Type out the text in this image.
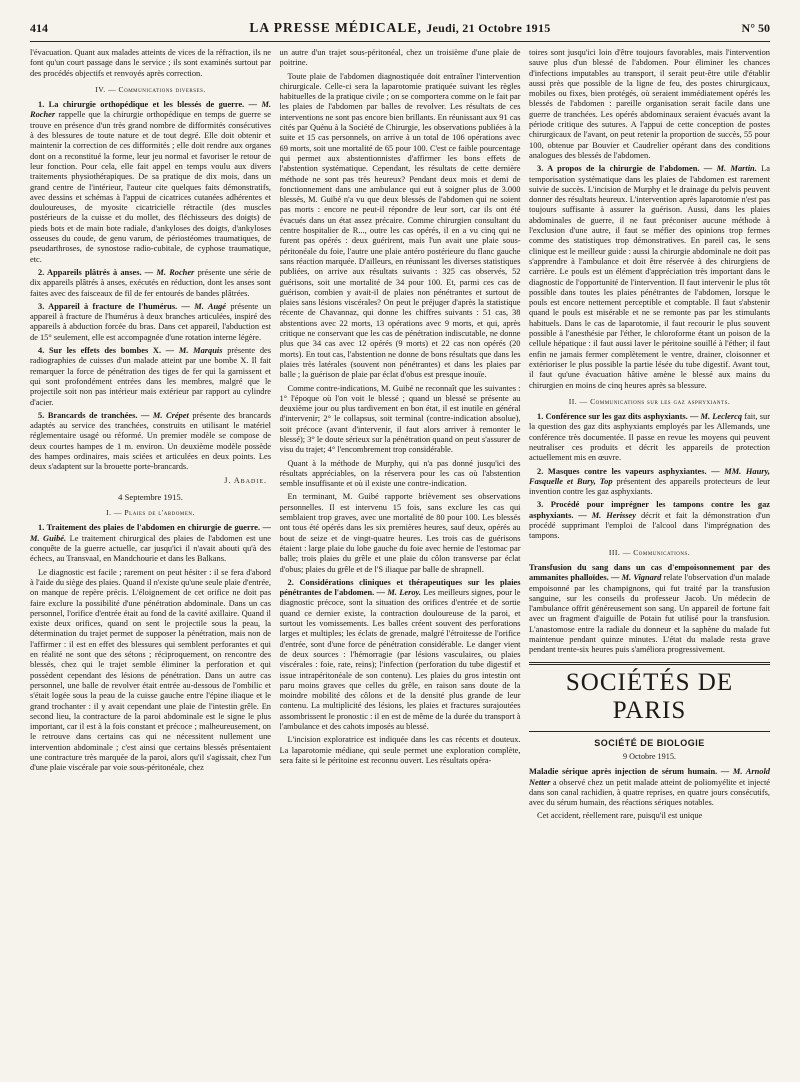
414	LA PRESSE MÉDICALE, Jeudi, 21 Octobre 1915	N° 50

l'évacuation. Quant aux malades atteints de vices de la réfraction, ils ne font qu'un court passage dans le service ; ils sont examinés surtout par des procédés objectifs et renvoyés après correction.

IV. — Communications diverses.

1. La chirurgie orthopédique et les blessés de guerre. — M. Rocher rappelle que la chirurgie orthopédique en temps de guerre se trouve en présence d'un très grand nombre de difformités consécutives à des blessures de toute nature et de tout degré. Elle doit obtenir et maintenir la correction de ces difformités ; elle doit rendre aux organes dont on a reconstitué la forme, leur jeu normal et favoriser le retour de leur fonction. Pour cela, elle fait appel en temps voulu aux divers traitements physiothérapiques. De sa pratique de dix mois, dans un grand centre de l'intérieur, l'auteur cite quelques faits démonstratifs, avec dessins et schémas à l'appui de cicatrices cutanées adhérentes et douloureuses, de myosite cicatricielle rétractile (des muscles postérieurs de la cuisse et du mollet, des fléchisseurs des doigts) de pieds bots et de main bote radiale, d'ankyloses des doigts, d'ankyloses osseuses du coude, de genu varum, de périostéomes traumatiques, de pseudarthroses, de synostose radio-cubitale, de cyphose traumatique, etc.

2. Appareils plâtrés à anses. — M. Rocher présente une série de dix appareils plâtrés à anses, exécutés en réduction, dont les anses sont faites avec des faisceaux de fil de fer entourés de bandes plâtrées.

3. Appareil à fracture de l'humérus. — M. Augé présente un appareil à fracture de l'humérus à deux branches articulées, inspiré des appareils à abduction forcée du bras. Dans cet appareil, l'abduction est de 15° seulement, elle est accompagnée d'une rotation interne légère.

4. Sur les effets des bombes X. — M. Marquis présente des radiographies de cuisses d'un malade atteint par une bombe X. Il fait remarquer la force de pénétration des tiges de fer qui la garnissent et qui sont profondément entrées dans les membres, malgré que le projectile soit non pas intérieur mais extérieur par rapport au cylindre d'acier.

5. Brancards de tranchées. — M. Crépet présente des brancards adaptés au service des tranchées, construits en utilisant le matériel réglementaire usagé ou réformé. Un premier modèle se compose de deux courtes hampes de 1 m. environ. Un deuxième modèle possède des hampes ordinaires, mais sciées et articulées en deux points. Les deux s'adaptent sur la brouette porte-brancards.

J. Abadie.
4 Septembre 1915.
I. — Plaies de l'abdomen.

1. Traitement des plaies de l'abdomen en chirurgie de guerre. — M. Guibé. Le traitement chirurgical des plaies de l'abdomen est une conquête de la guerre actuelle, car jusqu'ici il n'avait abouti qu'à des échecs, au Transvaal, en Mandchourie et dans les Balkans.

Le diagnostic est facile ; rarement on peut hésiter : il se fera d'abord à l'aide du siège des plaies. Quand il n'existe qu'une seule plaie d'entrée, on manque de repère précis. L'éloignement de cet orifice ne doit pas faire exclure la possibilité d'une pénétration abdominale. Dans un cas personnel, l'orifice d'entrée était au fond de la cavité axillaire. Quand il existe deux orifices, quand on sent le projectile sous la peau, la détermination du trajet permet de supposer la pénétration, mais non de l'affirmer : il est en effet des blessures qui semblent perforantes et qui en réalité ne sont que des sétons ; réciproquement, on rencontre des blessés, chez qui le trajet semble éliminer la perforation et qui possèdent cependant des lésions de pénétration. Dans un autre cas personnel, une balle de revolver était entrée au-dessous de l'ombilic et s'était logée sous la peau de la cuisse gauche entre l'épine iliaque et le grand trochanter : il y avait cependant une plaie de l'intestin grêle. En second lieu, la contracture de la paroi abdominale est le signe le plus important, car il est à la fois constant et précoce ; malheureusement, on le retrouve dans certains cas qui ne nécessitent nullement une intervention abdominale ; c'est ainsi que certains blessés présentaient une contracture très marquée de la paroi, alors qu'il s'agissait, chez l'un d'une plaie viscérale par voie sous-péritonéale, chez

un autre d'un trajet sous-péritonéal, chez un troisième d'une plaie de poitrine.

Toute plaie de l'abdomen diagnostiquée doit entraîner l'intervention chirurgicale. Celle-ci sera la laparotomie pratiquée suivant les règles habituelles de la pratique civile ; on se comportera comme on le fait par les plaies de l'abdomen par balles de revolver. Les résultats de ces interventions ne sont pas encore bien brillants. En réunissant aux 91 cas cités par Quénu à la Société de Chirurgie, les observations publiées à la suite et 15 cas personnels, on arrive à un total de 106 opérations avec 69 morts, soit une mortalité de 65 pour 100. C'est ce faible pourcentage qui permet aux abstentionnistes d'affirmer les bons effets de l'abstention systématique. Cependant, les résultats de cette dernière méthode ne sont pas très heureux? Pendant deux mois et demi de fonctionnement dans une ambulance qui eut à soigner plus de 3.000 blessés, M. Guibé n'a vu que deux blessés de l'abdomen qui ne soient pas morts : encore ne peut-il répondre de leur sort, car ils ont été évacués dans un état assez précaire. Comme chirurgien consultant du centre hospitalier de R..., outre les cas opérés, il en a vu cinq qui ne furent pas opérés : deux guérirent, mais l'un avait une plaie sous-péritonéale du foie, l'autre une plaie antéro postérieure du flanc gauche sans réaction marquée. D'ailleurs, en réunissant les diverses statistiques publiées, on arrive aux résultats suivants : 325 cas observés, 52 guérisons, soit une mortalité de 34 pour 100. Et, parmi ces cas de guérison, combien y avait-il de plaies non pénétrantes et surtout de plaies sans lésions viscérales? On peut le préjuger d'après la statistique récente de Chavannaz, qui donne les chiffres suivants : 51 cas, 38 abstentions avec 22 morts, 13 opérations avec 9 morts, et qui, après critique ne conservant que les cas de pénétration indiscutable, ne donne plus que 34 cas avec 12 opérés (9 morts) et 22 cas non opérés (20 morts). En tout cas, l'abstention ne donne de bons résultats que dans les plaies très latérales (souvent non pénétrantes) et dans les plaies par balle ; la guérison de plaie par éclat d'obus est presque inouïe.

Comme contre-indications, M. Guibé ne reconnaît que les suivantes : 1° l'époque où l'on voit le blessé ; quand un blessé se présente au deuxième jour ou plus tardivement en bon état, il est inutile en général d'intervenir; 2° le collapsus, soit terminal (contre-indication absolue), soit précoce (avant d'intervenir, il faut alors arriver à remonter le blessé); 3° le doute sérieux sur la pénétration quand on peut s'assurer de visu du trajet; 4° l'encombrement trop considérable.

Quant à la méthode de Murphy, qui n'a pas donné jusqu'ici des résultats appréciables, on la réservera pour les cas où l'abstention semble insuffisante et où il existe une contre-indication.

En terminant, M. Guibé rapporte brièvement ses observations personnelles. Il est intervenu 15 fois, sans exclure les cas qui semblaient trop graves, avec une mortalité de 80 pour 100. Les blessés ont tous été opérés dans les six premières heures, sauf deux, opérés au bout de seize et de vingt-quatre heures. Les trois cas de guérisons étaient : large plaie du lobe gauche du foie avec hernie de l'estomac par balle; trois plaies du grêle et une plaie du côlon transverse par éclat d'obus; plaies du grêle et de l'S iliaque par balle de shrapnell.

2. Considérations cliniques et thérapeutiques sur les plaies pénétrantes de l'abdomen. — M. Leroy. Les meilleurs signes, pour le diagnostic précoce, sont la situation des orifices d'entrée et de sortie quand ce dernier existe, la contraction douloureuse de la paroi, et surtout les vomissements. Les balles créent souvent des perforations larges et multiples; les éclats de grenade, malgré l'étroitesse de l'orifice d'entrée, sont d'une force de pénétration considérable. Le danger vient de deux sources : l'hémorragie (par lésions vasculaires, ou plaies viscérales : foie, rate, reins); l'infection (perforation du tube digestif et issue intrapéritonéale de son contenu). Les plaies du gros intestin ont paru moins graves que celles du grêle, en raison sans doute de la moindre mobilité des côlons et de la densité plus grande de leur contenu. La multiplicité des lésions, les plaies et fractures surajoutées assombrissent le pronostic : il en est de même de la durée du transport à l'ambulance et des cahots imposés au blessé.

L'incision exploratrice est indiquée dans les cas récents et douteux. La laparotomie médiane, qui seule permet une exploration complète, sera faite si le péritoine est reconnu ouvert. Les résultats opéra-

toires sont jusqu'ici loin d'être toujours favorables, mais l'intervention sauve plus d'un blessé de l'abdomen. Pour éliminer les chances d'infections imputables au transport, il serait peut-être utile d'établir aussi près que possible de la ligne de feu, des postes chirurgicaux, mobiles ou fixes, bien protégés, où seraient immédiatement opérés les blessés de l'abdomen : pareille organisation serait facile dans une guerre de tranchées. Les opérés abdominaux seraient évacués avant la période critique des sutures. A l'appui de cette conception de postes chirurgicaux de l'avant, on peut retenir la proportion de succès, 55 pour 100, obtenue par Bouvier et Caudrelier opérant dans des conditions analogues des blessés de l'abdomen.

3. A propos de la chirurgie de l'abdomen. — M. Martin. La temporisation systématique dans les plaies de l'abdomen est rarement suivie de succès. L'incision de Murphy et le drainage du pelvis peuvent donner des résultats heureux. L'intervention après laparotomie n'est pas toujours suffisante à assurer la guérison. Aussi, dans les plaies abdominales de guerre, il ne faut préconiser aucune méthode à l'exclusion d'une autre, il faut se méfier des opinions trop fermes comme des statistiques trop démonstratives. En pareil cas, le sens clinique est le meilleur guide : aussi la chirurgie abdominale ne doit pas s'apprendre à l'ambulance et doit être réservée à des chirurgiens de carrière. Le pouls est un élément d'appréciation très important dans le diagnostic de l'opportunité de l'intervention. Il faut intervenir le plus tôt possible dans toutes les plaies pénétrantes de l'abdomen, lorsque le pouls est encore nettement perceptible et comptable. Il faut s'abstenir quand le pouls est misérable et ne se remonte pas par les stimulants habituels. Dans le cas de laparotomie, il faut recourir le plus souvent possible à l'anesthésie par l'éther, le chloroforme étant un poison de la cellule hépatique : il faut aussi laver le péritoine souillé à l'éther; il faut enfin ne jamais fermer complètement le ventre, drainer, cloisonner et extérioriser le plus possible la partie lésée du tube digestif. Avant tout, il faut qu'une évacuation hâtive amène le blessé aux mains du chirurgien en moins de cinq heures après sa blessure.

II. — Communications sur les gaz asphyxiants.

1. Conférence sur les gaz dits asphyxiants. — M. Leclercq fait, sur la question des gaz dits asphyxiants employés par les Allemands, une conférence très documentée. Il passe en revue les moyens qui peuvent neutraliser ces produits et décrit les appareils de protection actuellement mis en œuvre.

2. Masques contre les vapeurs asphyxiantes. — MM. Haury, Fasquelle et Bury, Top présentent des appareils protecteurs de leur invention contre les gaz asphyxiants.

3. Procédé pour imprégner les tampons contre les gaz asphyxiants. — M. Herissey décrit et fait la démonstration d'un procédé supprimant l'emploi de l'alcool dans l'imprégnation des tampons.

III. — Communications.

Transfusion du sang dans un cas d'empoisonnement par des ammanites phalloïdes. — M. Vignard relate l'observation d'un malade empoisonné par les champignons, qui fut traité par la transfusion sanguine, sur les conseils du professeur Jacob. Un médecin de l'ambulance offrit généreusement son sang. Un appareil de fortune fait avec un fragment d'aiguille de Potain fut utilisé pour la transfusion. L'anastomose entre la radiale du donneur et la saphène du malade fut maintenue pendant quinze minutes. L'état du malade resta grave pendant trente-six heures puis s'améliora progressivement.

SOCIÉTÉS DE PARIS
SOCIÉTÉ DE BIOLOGIE
9 Octobre 1915.

Maladie sérique après injection de sérum humain. — M. Arnold Netter a observé chez un petit malade atteint de poliomyélite et injecté dans son canal rachidien, à quatre reprises, en quatre jours consécutifs, avec du sérum humain, des réactions sériques notables.

Cet accident, réellement rare, puisqu'il est unique
